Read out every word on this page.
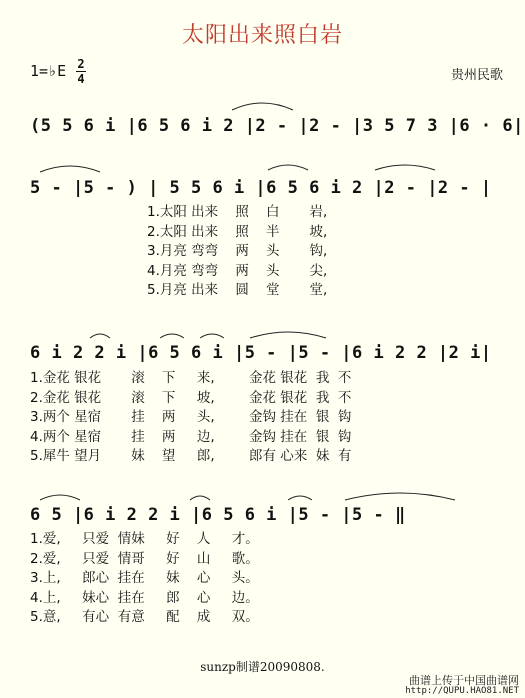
太阳出来照白岩
1=♭E 2
4	贵州民歌
(5 5 6 i |6 5 6 i 2 |2 - |2 - |3 5 7 3 |6 · 6|
5 - |5 - ) | 5 5 6 i |6 5 6 i 2 |2 - |2 - |
1.太阳 出来    照    白       岩,
2.太阳 出来    照    半       坡,
3.月亮 弯弯    两    头       钩,
4.月亮 弯弯    两    头       尖,
5.月亮 出来    圆    堂       堂,
6 i 2 2 i |6 5 6 i |5 - |5 - |6 i 2 2 |2 i|
1.金花 银花       滚    下     来,        金花 银花  我  不
2.金花 银花       滚    下     坡,        金花 银花  我  不
3.两个 星宿       挂    两     头,        金钩 挂在  银  钩
4.两个 星宿       挂    两     边,        金钩 挂在  银  钩
5.犀牛 望月       妹    望     郎,        郎有 心来  妹  有
6 5 |6 i 2 2 i |6 5 6 i |5 - |5 - ‖
1.爱,     只爱  情妹     好    人     才。
2.爱,     只爱  情哥     好    山     歌。
3.上,     郎心  挂在     妹    心     头。
4.上,     妹心  挂在     郎    心     边。
5.意,     有心  有意     配    成     双。
sunzp制谱20090808.
曲谱上传于中国曲谱网
http://QUPU.HAO81.NET
